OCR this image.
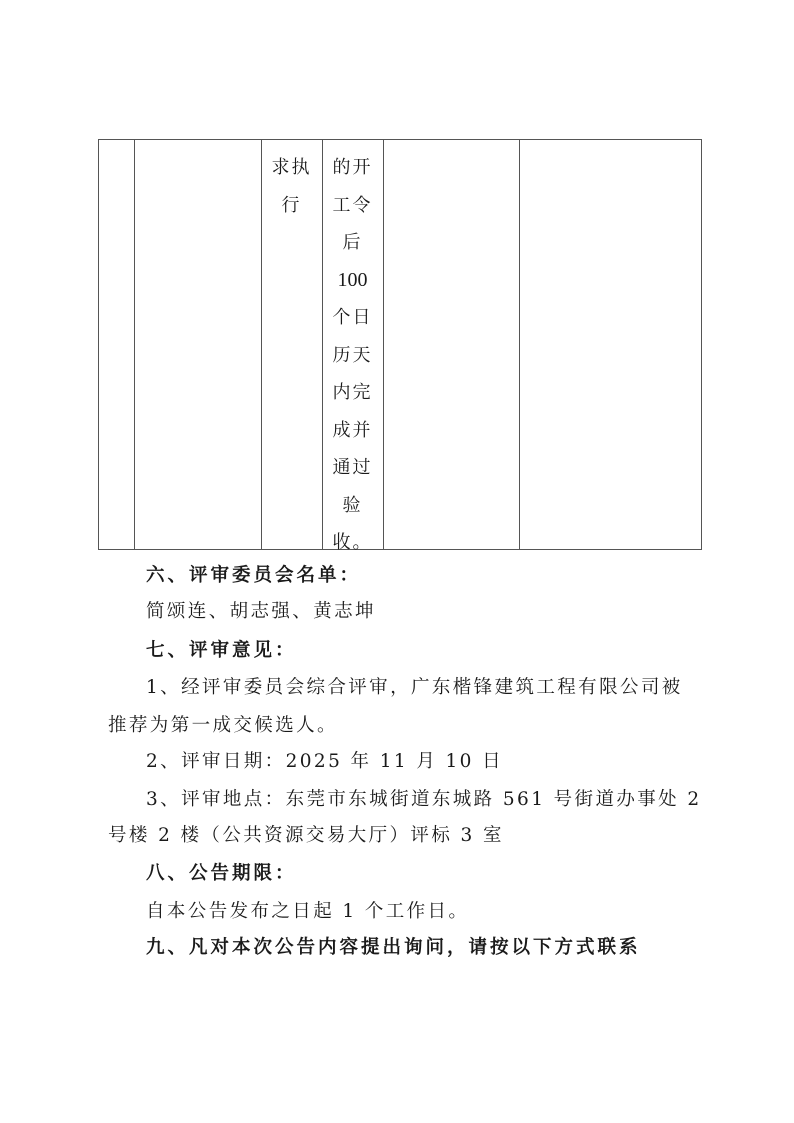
求执
行
的开
工令
后
100
个日
历天
内完
成并
通过
验
收。
六、评审委员会名单：
简颂连、胡志强、黄志坤
七、评审意见：
1、经评审委员会综合评审，广东楷锋建筑工程有限公司被
推荐为第一成交候选人。
2、评审日期：2025 年 11 月 10 日
3、评审地点：东莞市东城街道东城路 561 号街道办事处 2
号楼 2 楼（公共资源交易大厅）评标 3 室
八、公告期限：
自本公告发布之日起 1 个工作日。
九、凡对本次公告内容提出询问，请按以下方式联系
